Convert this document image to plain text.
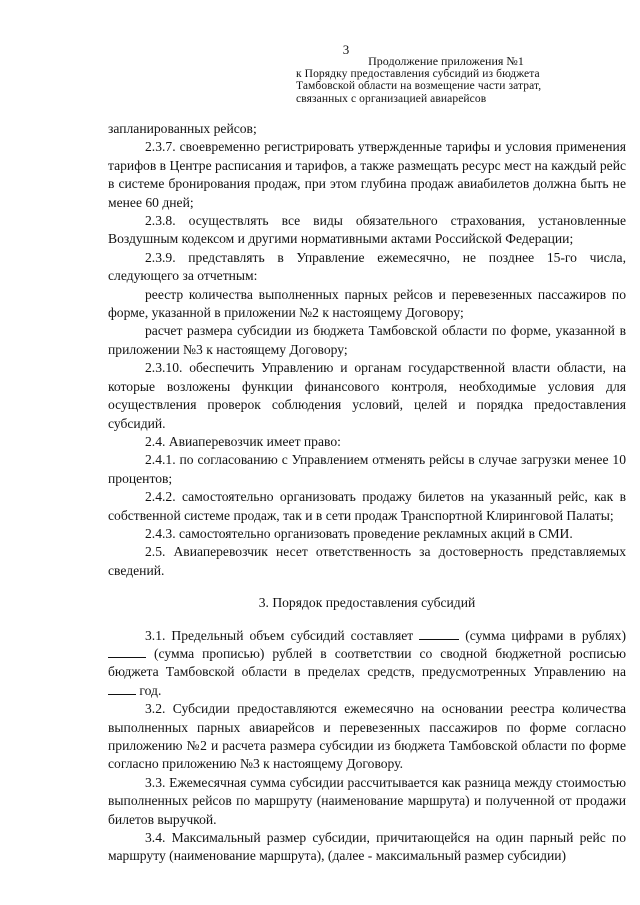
3
Продолжение приложения №1
к Порядку предоставления субсидий из бюджета
Тамбовской области на возмещение части затрат,
связанных с организацией авиарейсов

запланированных рейсов;

2.3.7. своевременно регистрировать утвержденные тарифы и условия применения тарифов в Центре расписания и тарифов, а также размещать ресурс мест на каждый рейс в системе бронирования продаж, при этом глубина продаж авиабилетов должна быть не менее 60 дней;

2.3.8. осуществлять все виды обязательного страхования, установленные Воздушным кодексом и другими нормативными актами Российской Федерации;

2.3.9. представлять в Управление ежемесячно, не позднее 15-го числа, следующего за отчетным:

реестр количества выполненных парных рейсов и перевезенных пассажиров по форме, указанной в приложении №2 к настоящему Договору;

расчет размера субсидии из бюджета Тамбовской области по форме, указанной в приложении №3 к настоящему Договору;

2.3.10. обеспечить Управлению и органам государственной власти области, на которые возложены функции финансового контроля, необходимые условия для осуществления проверок соблюдения условий, целей и порядка предоставления субсидий.

2.4. Авиаперевозчик имеет право:

2.4.1. по согласованию с Управлением отменять рейсы в случае загрузки менее 10 процентов;

2.4.2. самостоятельно организовать продажу билетов на указанный рейс, как в собственной системе продаж, так и в сети продаж Транспортной Клиринговой Палаты;

2.4.3. самостоятельно организовать проведение рекламных акций в СМИ.

2.5. Авиаперевозчик несет ответственность за достоверность представляемых сведений.

3. Порядок предоставления субсидий

3.1. Предельный объем субсидий составляет	(сумма цифрами в рублях)  (сумма прописью) рублей в соответствии со сводной бюджетной росписью бюджета Тамбовской области в пределах средств, предусмотренных Управлению на  год.

3.2. Субсидии предоставляются ежемесячно на основании реестра количества выполненных парных авиарейсов и перевезенных пассажиров по форме согласно приложению №2 и расчета размера субсидии из бюджета Тамбовской области по форме согласно приложению №3 к настоящему Договору.

3.3. Ежемесячная сумма субсидии рассчитывается как разница между стоимостью выполненных рейсов по маршруту (наименование маршрута) и полученной от продажи билетов выручкой.

3.4. Максимальный размер субсидии, причитающейся на один парный рейс по маршруту (наименование маршрута), (далее - максимальный размер субсидии)
